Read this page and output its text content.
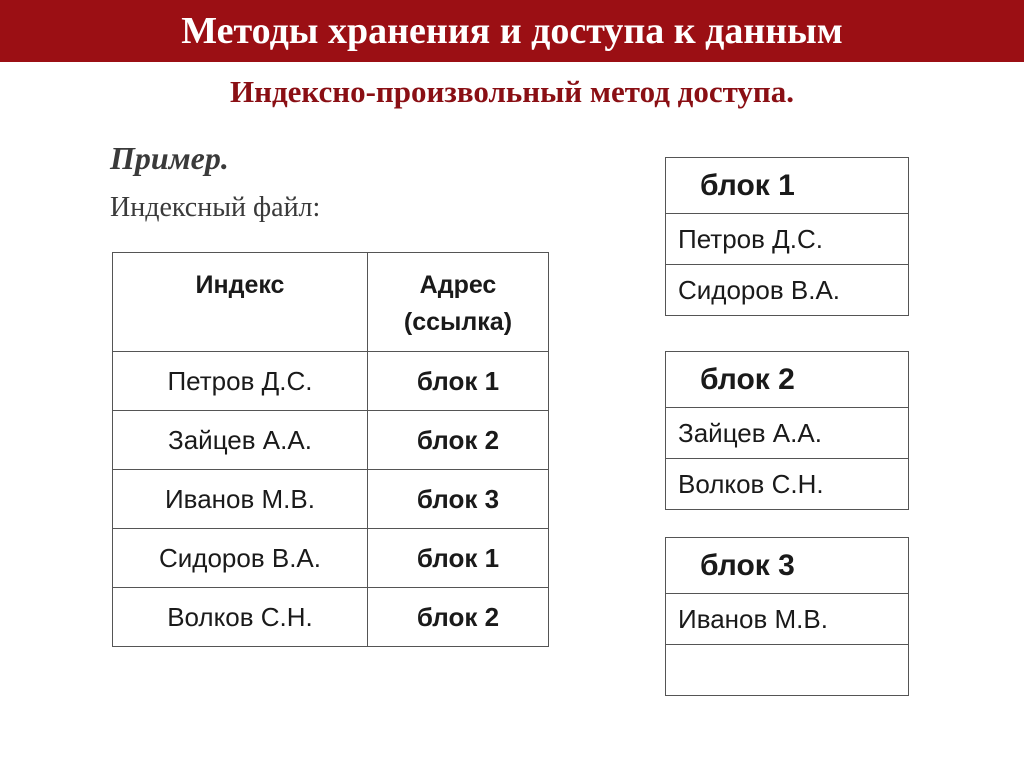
Методы хранения и доступа к данным
Индексно-произвольный метод доступа.
Пример.
Индексный файл:
Индекс	Адрес
(ссылка)
Петров Д.С.	блок 1
Зайцев А.А.	блок 2
Иванов М.В.	блок 3
Сидоров В.А.	блок 1
Волков С.Н.	блок 2
блок 1
Петров Д.С.
Сидоров В.А.
блок 2
Зайцев А.А.
Волков С.Н.
блок 3
Иванов М.В.
